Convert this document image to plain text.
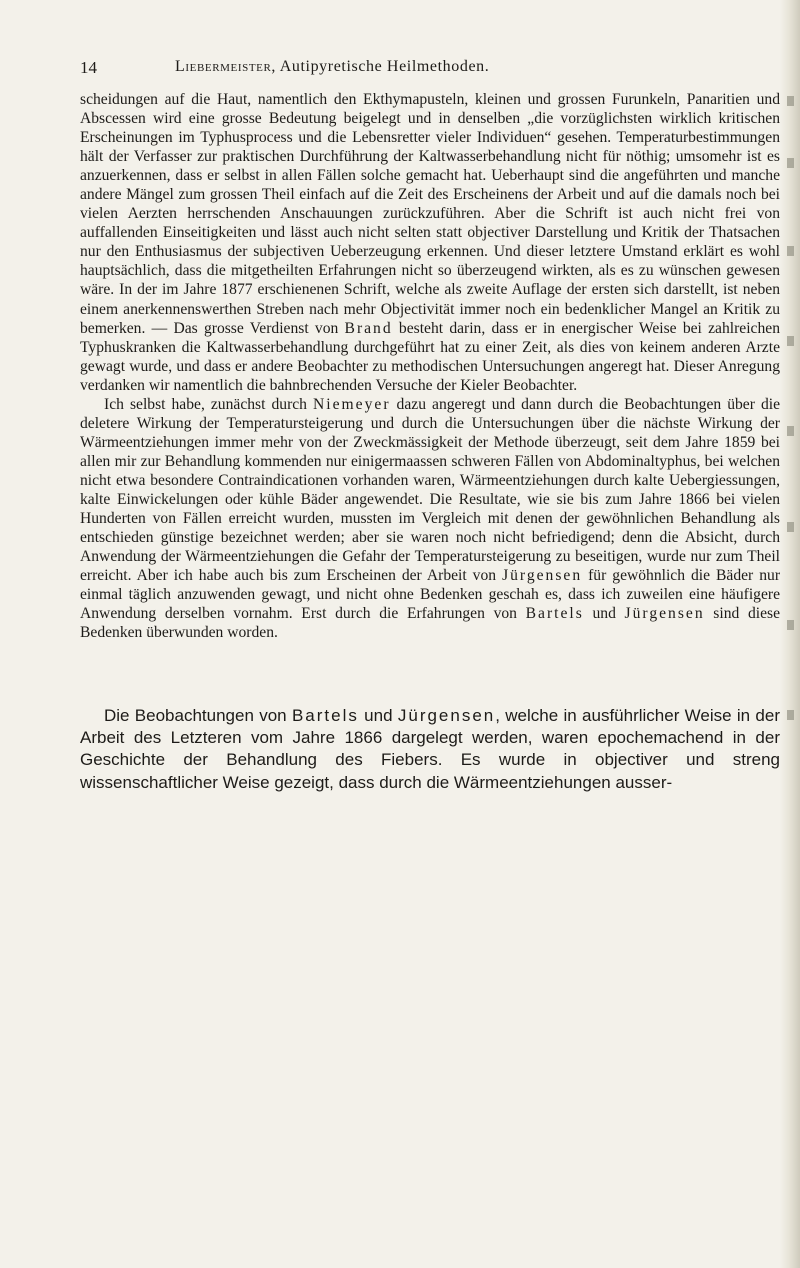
14	Liebermeister, Autipyretische Heilmethoden.

scheidungen auf die Haut, namentlich den Ekthymapusteln, kleinen und grossen Furunkeln, Panaritien und Abscessen wird eine grosse Bedeutung beigelegt und in denselben „die vorzüglichsten wirklich kritischen Erscheinungen im Typhusprocess und die Lebensretter vieler Individuen“ gesehen. Temperaturbestimmungen hält der Verfasser zur praktischen Durchführung der Kaltwasserbehandlung nicht für nöthig; umsomehr ist es anzuerkennen, dass er selbst in allen Fällen solche gemacht hat. Ueberhaupt sind die angeführten und manche andere Mängel zum grossen Theil einfach auf die Zeit des Erscheinens der Arbeit und auf die damals noch bei vielen Aerzten herrschenden Anschauungen zurückzuführen. Aber die Schrift ist auch nicht frei von auffallenden Einseitigkeiten und lässt auch nicht selten statt objectiver Darstellung und Kritik der Thatsachen nur den Enthusiasmus der subjectiven Ueberzeugung erkennen. Und dieser letztere Umstand erklärt es wohl hauptsächlich, dass die mitgetheilten Erfahrungen nicht so überzeugend wirkten, als es zu wünschen gewesen wäre. In der im Jahre 1877 erschienenen Schrift, welche als zweite Auflage der ersten sich darstellt, ist neben einem anerkennenswerthen Streben nach mehr Objectivität immer noch ein bedenklicher Mangel an Kritik zu bemerken. — Das grosse Verdienst von Brand besteht darin, dass er in energischer Weise bei zahlreichen Typhuskranken die Kaltwasserbehandlung durchgeführt hat zu einer Zeit, als dies von keinem anderen Arzte gewagt wurde, und dass er andere Beobachter zu methodischen Untersuchungen angeregt hat. Dieser Anregung verdanken wir namentlich die bahnbrechenden Versuche der Kieler Beobachter.

Ich selbst habe, zunächst durch Niemeyer dazu angeregt und dann durch die Beobachtungen über die deletere Wirkung der Temperatursteigerung und durch die Untersuchungen über die nächste Wirkung der Wärmeentziehungen immer mehr von der Zweckmässigkeit der Methode überzeugt, seit dem Jahre 1859 bei allen mir zur Behandlung kommenden nur einigermaassen schweren Fällen von Abdominaltyphus, bei welchen nicht etwa besondere Contraindicationen vorhanden waren, Wärmeentziehungen durch kalte Uebergiessungen, kalte Einwickelungen oder kühle Bäder angewendet. Die Resultate, wie sie bis zum Jahre 1866 bei vielen Hunderten von Fällen erreicht wurden, mussten im Vergleich mit denen der gewöhnlichen Behandlung als entschieden günstige bezeichnet werden; aber sie waren noch nicht befriedigend; denn die Absicht, durch Anwendung der Wärmeentziehungen die Gefahr der Temperatursteigerung zu beseitigen, wurde nur zum Theil erreicht. Aber ich habe auch bis zum Erscheinen der Arbeit von Jürgensen für gewöhnlich die Bäder nur einmal täglich anzuwenden gewagt, und nicht ohne Bedenken geschah es, dass ich zuweilen eine häufigere Anwendung derselben vornahm. Erst durch die Erfahrungen von Bartels und Jürgensen sind diese Bedenken überwunden worden.

Die Beobachtungen von Bartels und Jürgensen, welche in ausführlicher Weise in der Arbeit des Letzteren vom Jahre 1866 dargelegt werden, waren epochemachend in der Geschichte der Behandlung des Fiebers. Es wurde in objectiver und streng wissenschaftlicher Weise gezeigt, dass durch die Wärmeentziehungen ausser-
